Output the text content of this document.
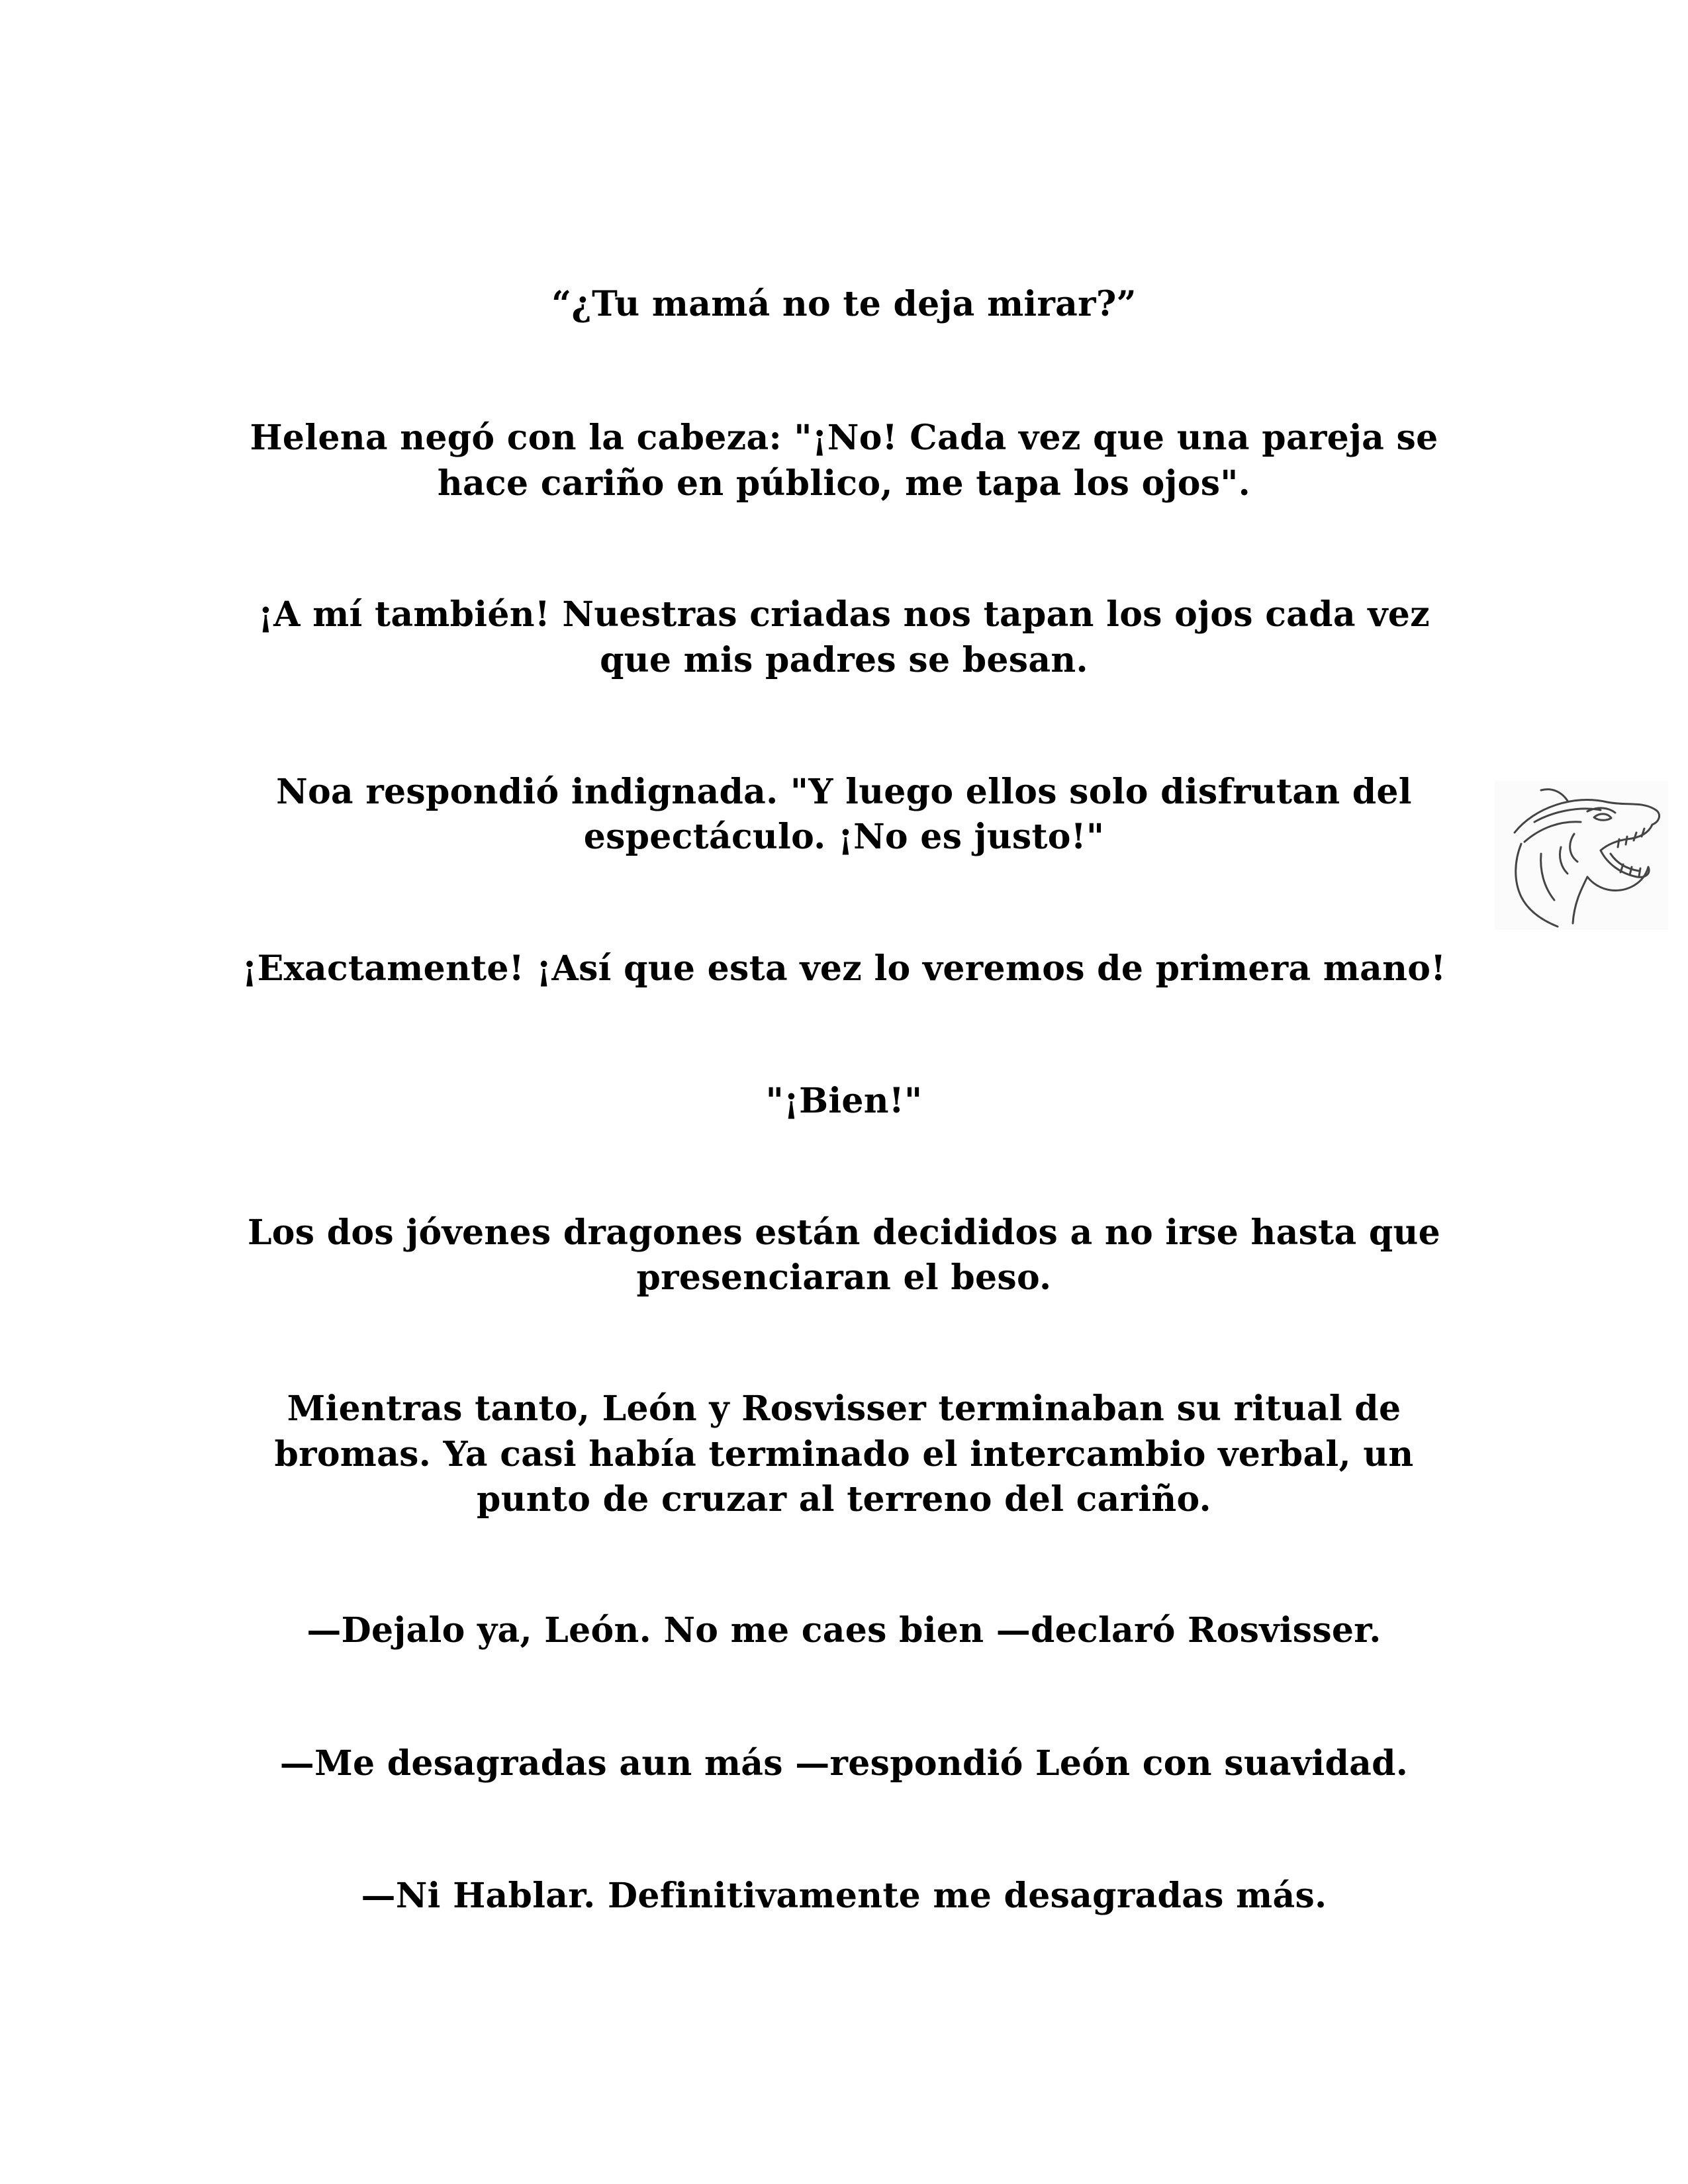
“¿Tu mamá no te deja mirar?”
Helena negó con la cabeza: "¡No! Cada vez que una pareja se
hace cariño en público, me tapa los ojos".
¡A mí también! Nuestras criadas nos tapan los ojos cada vez
que mis padres se besan.
Noa respondió indignada. "Y luego ellos solo disfrutan del
espectáculo. ¡No es justo!"
¡Exactamente! ¡Así que esta vez lo veremos de primera mano!
"¡Bien!"
Los dos jóvenes dragones están decididos a no irse hasta que
presenciaran el beso.
Mientras tanto, León y Rosvisser terminaban su ritual de
bromas. Ya casi había terminado el intercambio verbal, un
punto de cruzar al terreno del cariño.
—Dejalo ya, León. No me caes bien —declaró Rosvisser.
—Me desagradas aun más —respondió León con suavidad.
—Ni Hablar. Definitivamente me desagradas más.
